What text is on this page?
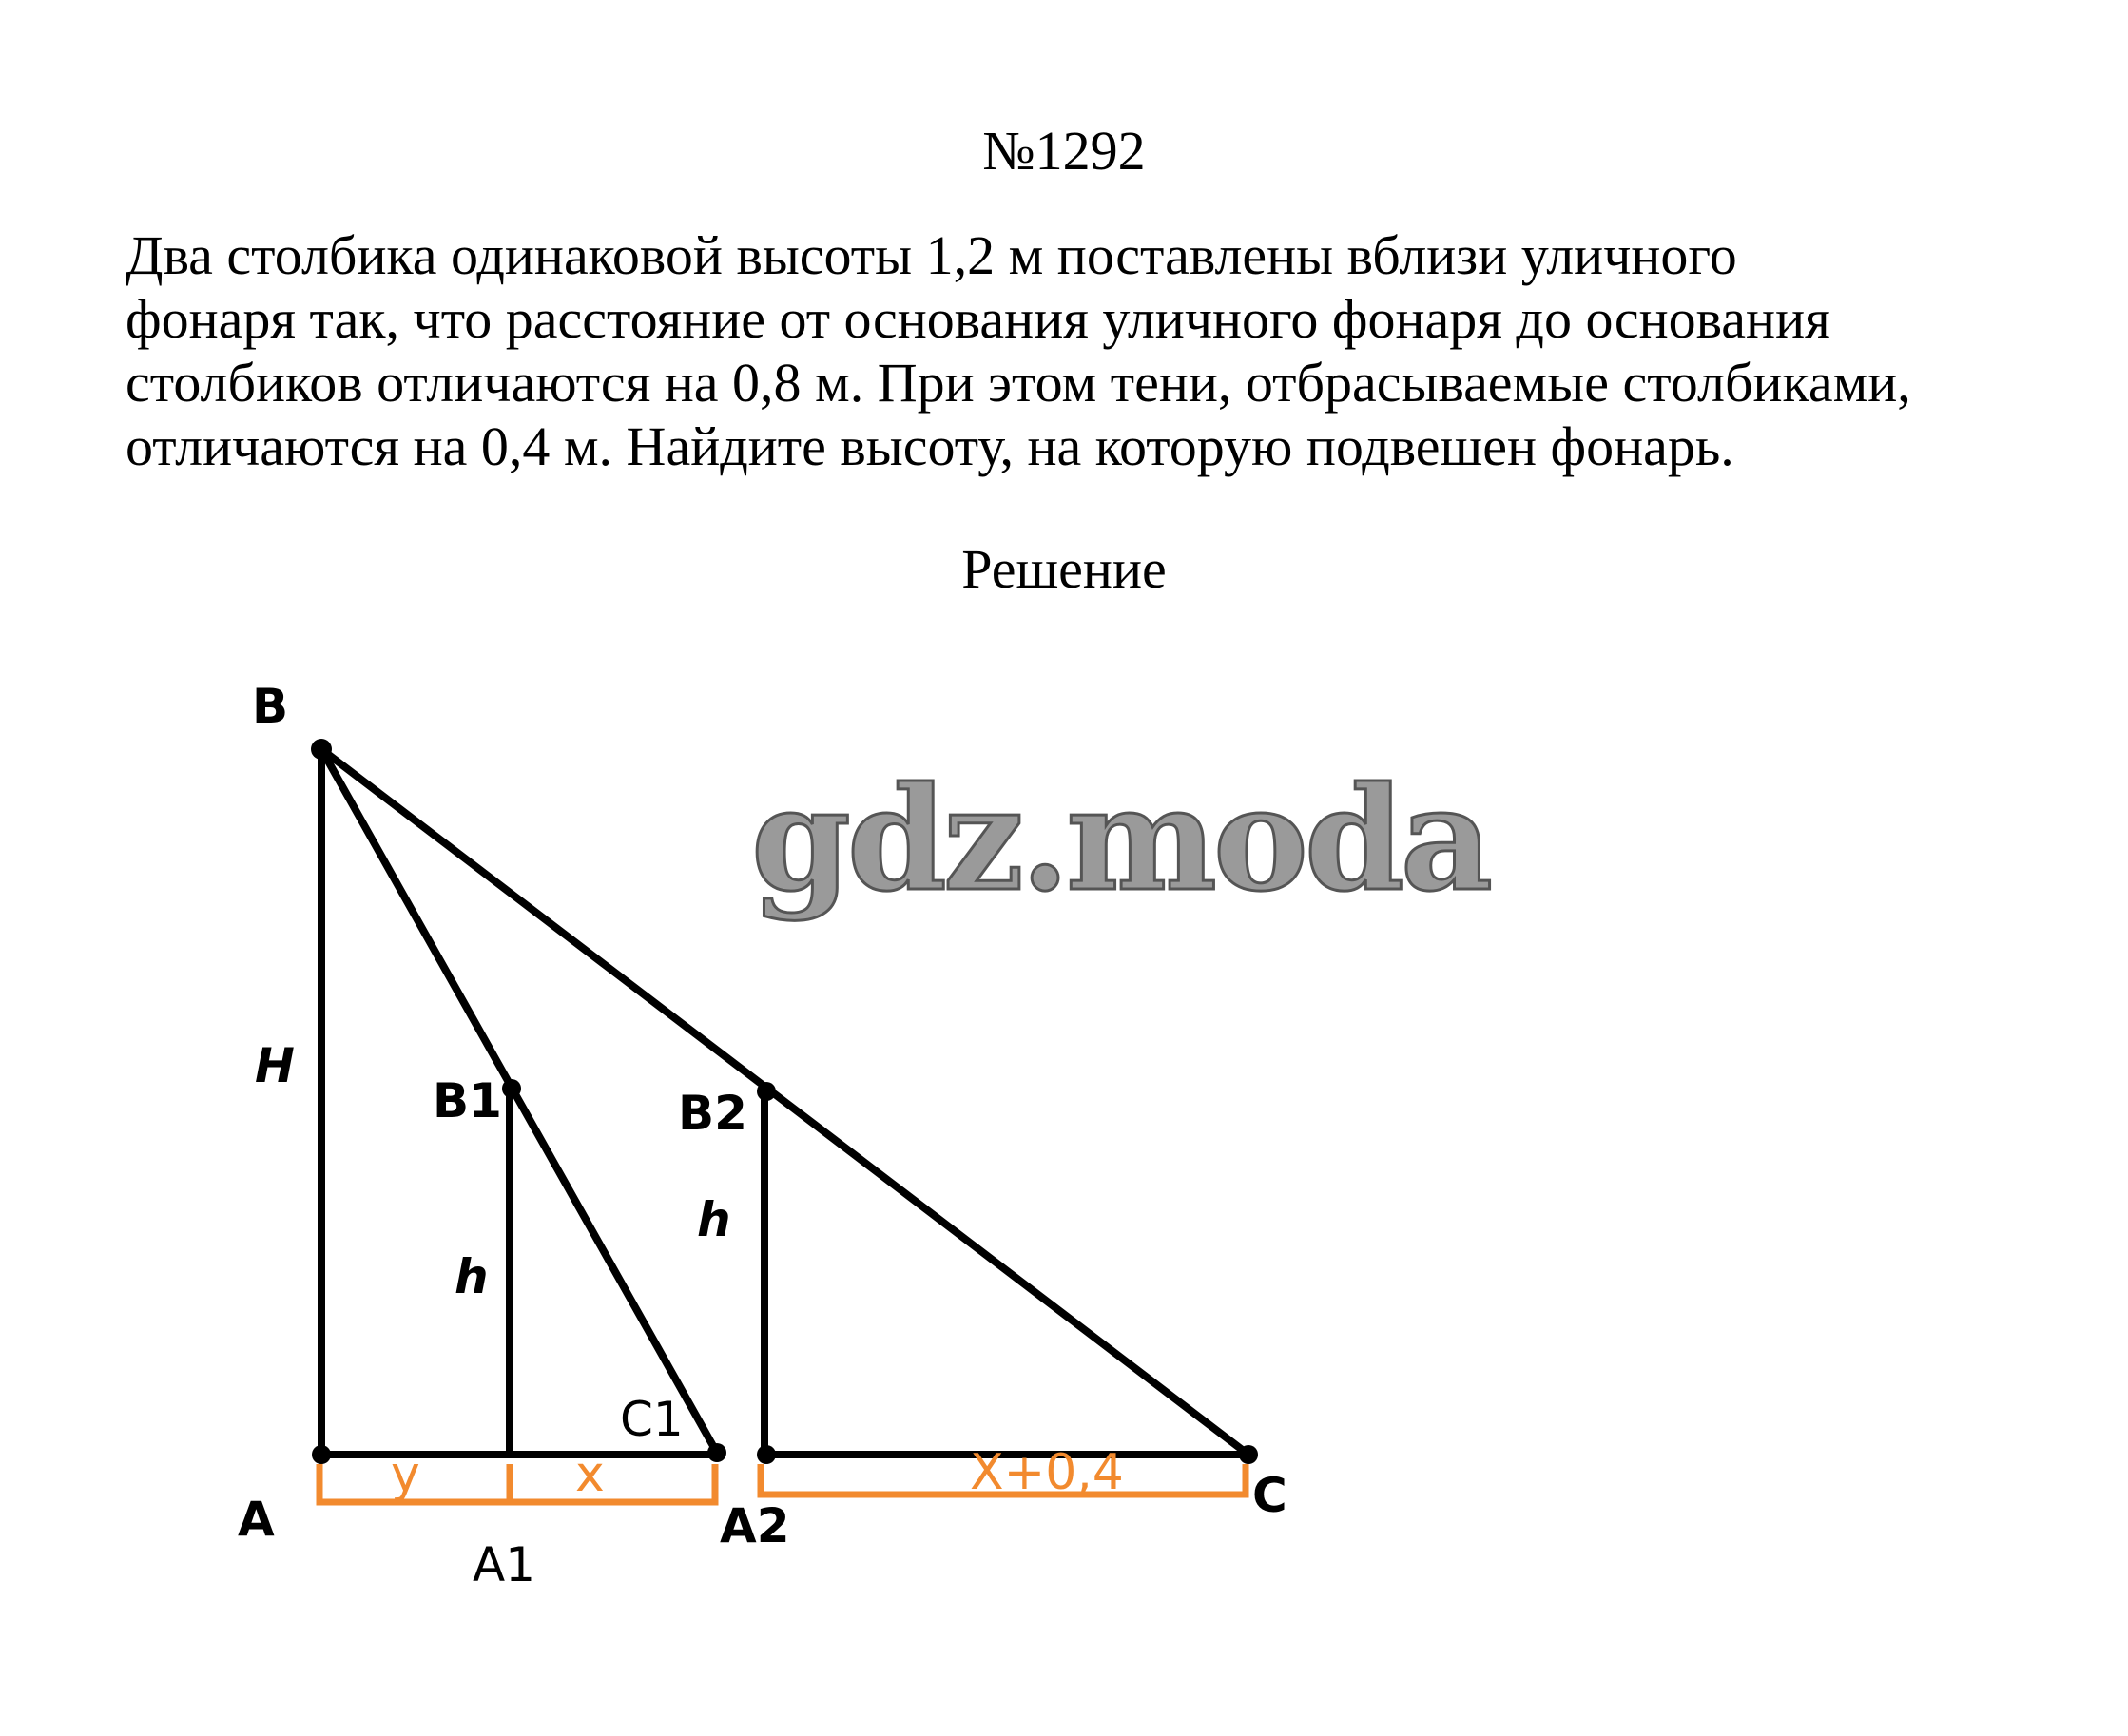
№1292
Два столбика одинаковой высоты 1,2 м поставлены вблизи уличного
фонаря так, что расстояние от основания уличного фонаря до основания
столбиков отличаются на 0,8 м. При этом тени, отбрасываемые столбиками,
отличаются на 0,4 м. Найдите высоту, на которую подвешен фонарь.
Решение
y	x	X+0,4
B
B1	B2
A
A1
A2
C1
C
H
h
h
gdz.moda
